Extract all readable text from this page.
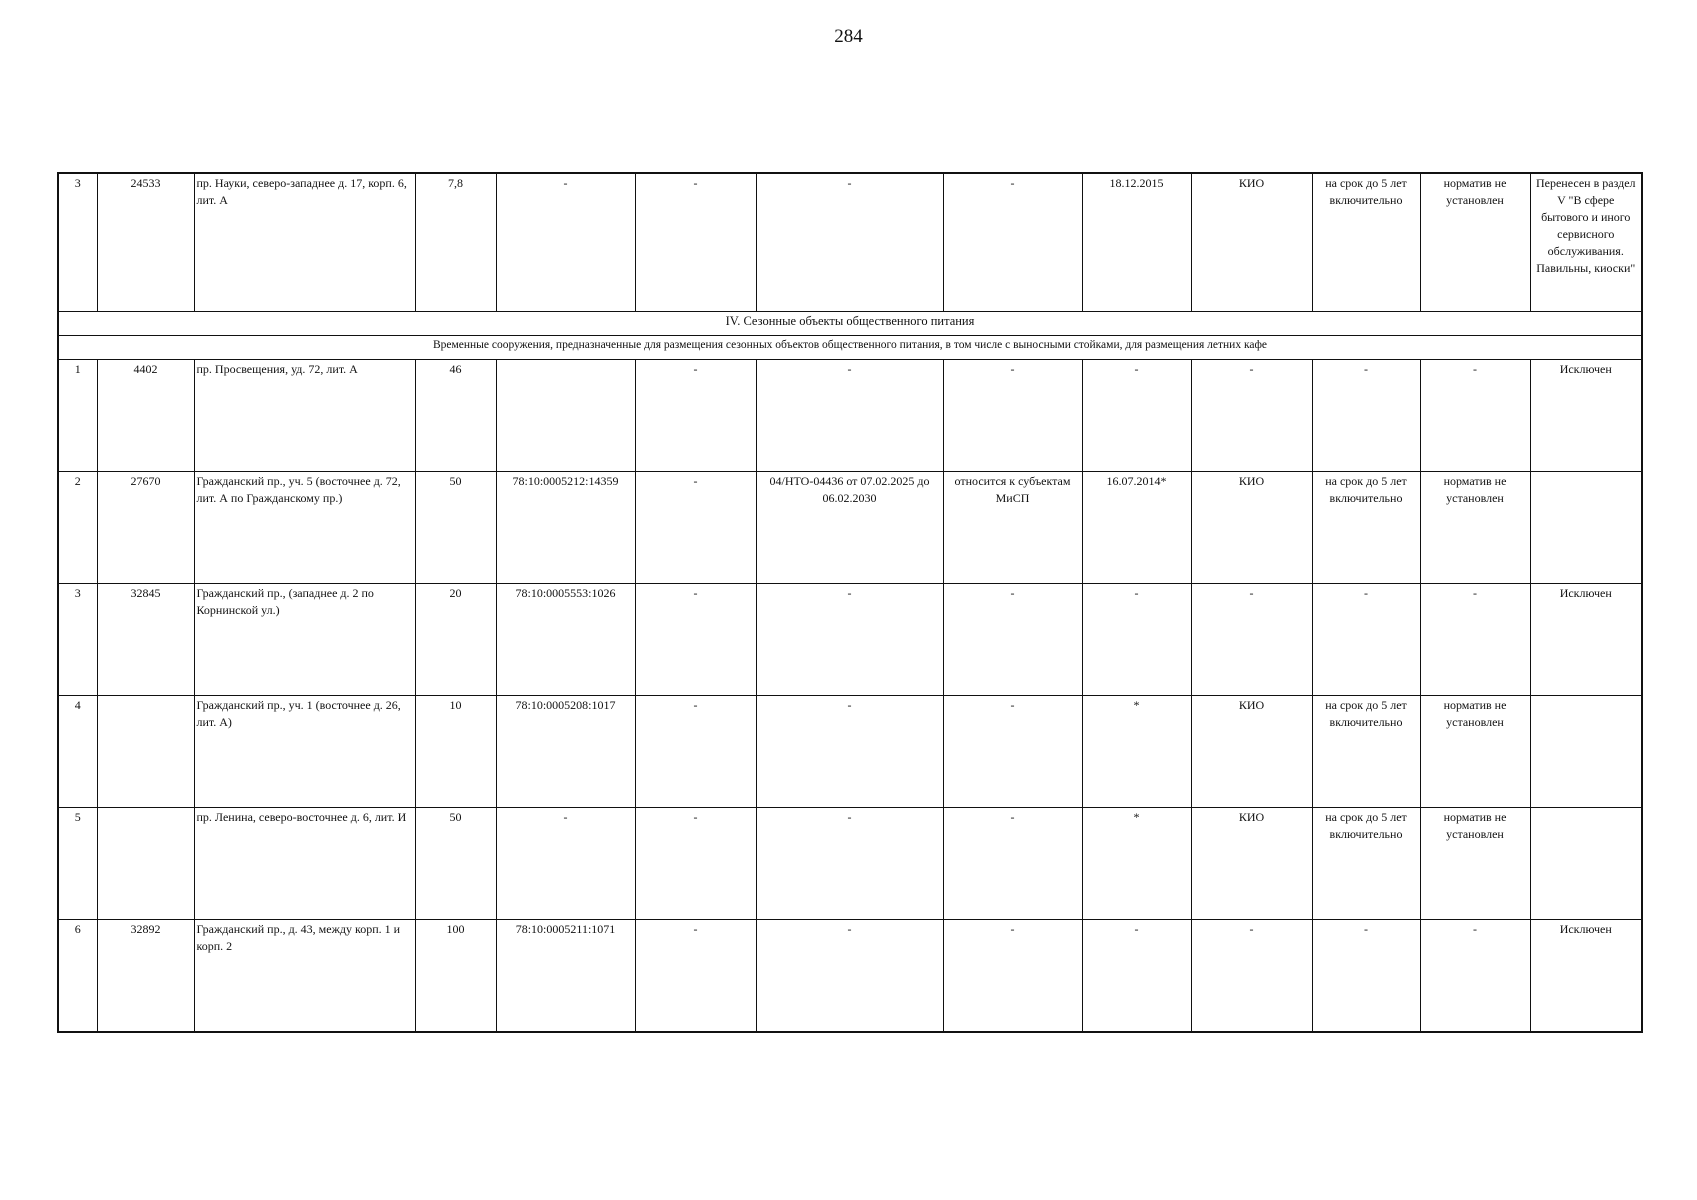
284
3	24533	пр. Науки, северо-западнее д. 17, корп. 6, лит. А	7,8	-	-	-	-	18.12.2015	КИО	на срок до 5 лет включительно	норматив не установлен	Перенесен в раздел V "В сфере бытового и иного сервисного обслуживания. Павильны, киоски"
IV. Сезонные объекты общественного питания												
Временные сооружения, предназначенные для размещения сезонных объектов общественного питания, в том числе с выносными стойками, для размещения летних кафе												
1	4402	пр. Просвещения, уд. 72, лит. А	46		-	-	-	-	-	-	-	Исключен
2	27670	Гражданский пр., уч. 5 (восточнее д. 72, лит. А по Гражданскому пр.)	50	78:10:0005212:14359	-	04/НТО-04436 от 07.02.2025 до 06.02.2030	относится к субъектам МиСП	16.07.2014*	КИО	на срок до 5 лет включительно	норматив не установлен	
3	32845	Гражданский пр., (западнее д. 2 по Корнинской ул.)	20	78:10:0005553:1026	-	-	-	-	-	-	-	Исключен
4		Гражданский пр., уч. 1 (восточнее д. 26, лит. А)	10	78:10:0005208:1017	-	-	-	*	КИО	на срок до 5 лет включительно	норматив не установлен	
5		пр. Ленина, северо-восточнее д. 6, лит. И	50	-	-	-	-	*	КИО	на срок до 5 лет включительно	норматив не установлен	
6	32892	Гражданский пр., д. 43, между корп. 1 и корп. 2	100	78:10:0005211:1071	-	-	-	-	-	-	-	Исключен
